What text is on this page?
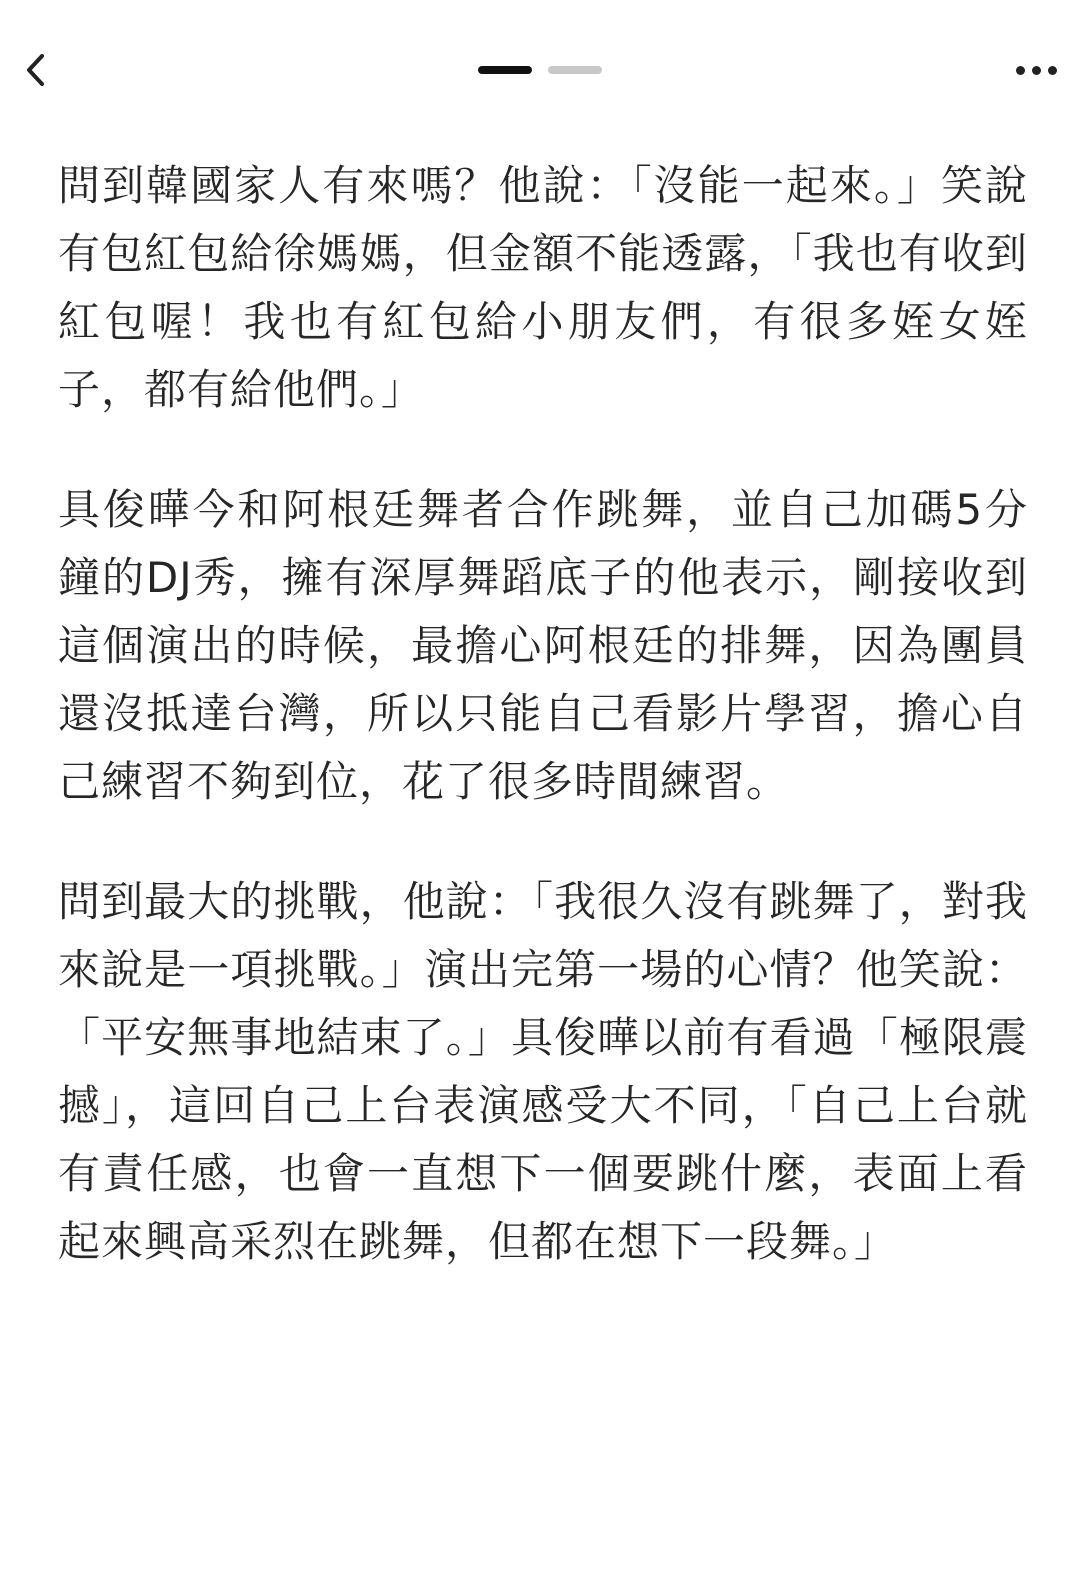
問到韓國家人有來嗎？他說：「沒能一起來。」笑說有包紅包給徐媽媽，但金額不能透露，「我也有收到紅包喔！我也有紅包給小朋友們，有很多姪女姪子，都有給他們。」

具俊曄今和阿根廷舞者合作跳舞，並自己加碼5分鐘的DJ秀，擁有深厚舞蹈底子的他表示，剛接收到這個演出的時候，最擔心阿根廷的排舞，因為團員還沒抵達台灣，所以只能自己看影片學習，擔心自己練習不夠到位，花了很多時間練習。

問到最大的挑戰，他說：「我很久沒有跳舞了，對我來說是一項挑戰。」演出完第一場的心情？他笑說：「平安無事地結束了。」具俊曄以前有看過「極限震撼」，這回自己上台表演感受大不同，「自己上台就有責任感，也會一直想下一個要跳什麼，表面上看起來興高采烈在跳舞，但都在想下一段舞。」
